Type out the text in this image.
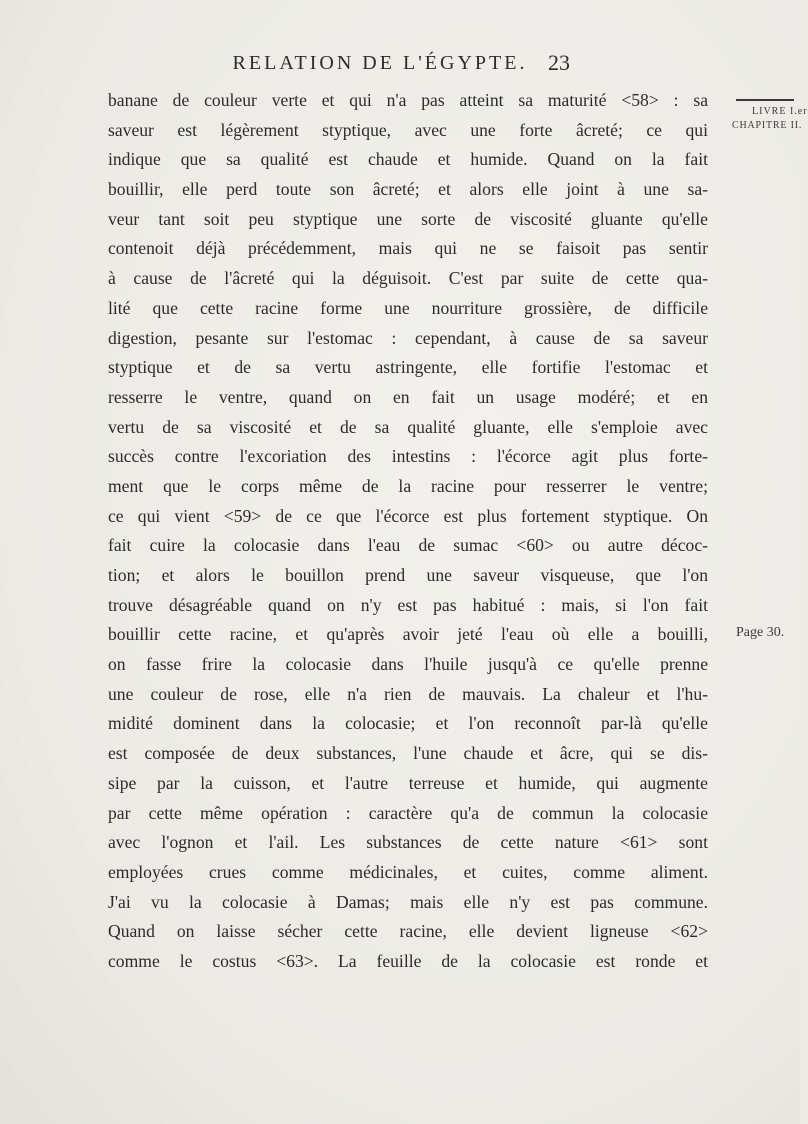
RELATION DE L'ÉGYPTE. 23
LIVRE I.er
CHAPITRE II.
Page 30.
banane de couleur verte et qui n'a pas atteint sa maturité <58> : sa
saveur est légèrement styptique, avec une forte âcreté; ce qui
indique que sa qualité est chaude et humide. Quand on la fait
bouillir, elle perd toute son âcreté; et alors elle joint à une sa-
veur tant soit peu styptique une sorte de viscosité gluante qu'elle
contenoit déjà précédemment, mais qui ne se faisoit pas sentir
à cause de l'âcreté qui la déguisoit. C'est par suite de cette qua-
lité que cette racine forme une nourriture grossière, de difficile
digestion, pesante sur l'estomac : cependant, à cause de sa saveur
styptique et de sa vertu astringente, elle fortifie l'estomac et
resserre le ventre, quand on en fait un usage modéré; et en
vertu de sa viscosité et de sa qualité gluante, elle s'emploie avec
succès contre l'excoriation des intestins : l'écorce agit plus forte-
ment que le corps même de la racine pour resserrer le ventre;
ce qui vient <59> de ce que l'écorce est plus fortement styptique. On
fait cuire la colocasie dans l'eau de sumac <60> ou autre décoc-
tion; et alors le bouillon prend une saveur visqueuse, que l'on
trouve désagréable quand on n'y est pas habitué : mais, si l'on fait
bouillir cette racine, et qu'après avoir jeté l'eau où elle a bouilli,
on fasse frire la colocasie dans l'huile jusqu'à ce qu'elle prenne
une couleur de rose, elle n'a rien de mauvais. La chaleur et l'hu-
midité dominent dans la colocasie; et l'on reconnoît par-là qu'elle
est composée de deux substances, l'une chaude et âcre, qui se dis-
sipe par la cuisson, et l'autre terreuse et humide, qui augmente
par cette même opération : caractère qu'a de commun la colocasie
avec l'ognon et l'ail. Les substances de cette nature <61> sont
employées crues comme médicinales, et cuites, comme aliment.
J'ai vu la colocasie à Damas; mais elle n'y est pas commune.
Quand on laisse sécher cette racine, elle devient ligneuse <62>
comme le costus <63>. La feuille de la colocasie est ronde et
